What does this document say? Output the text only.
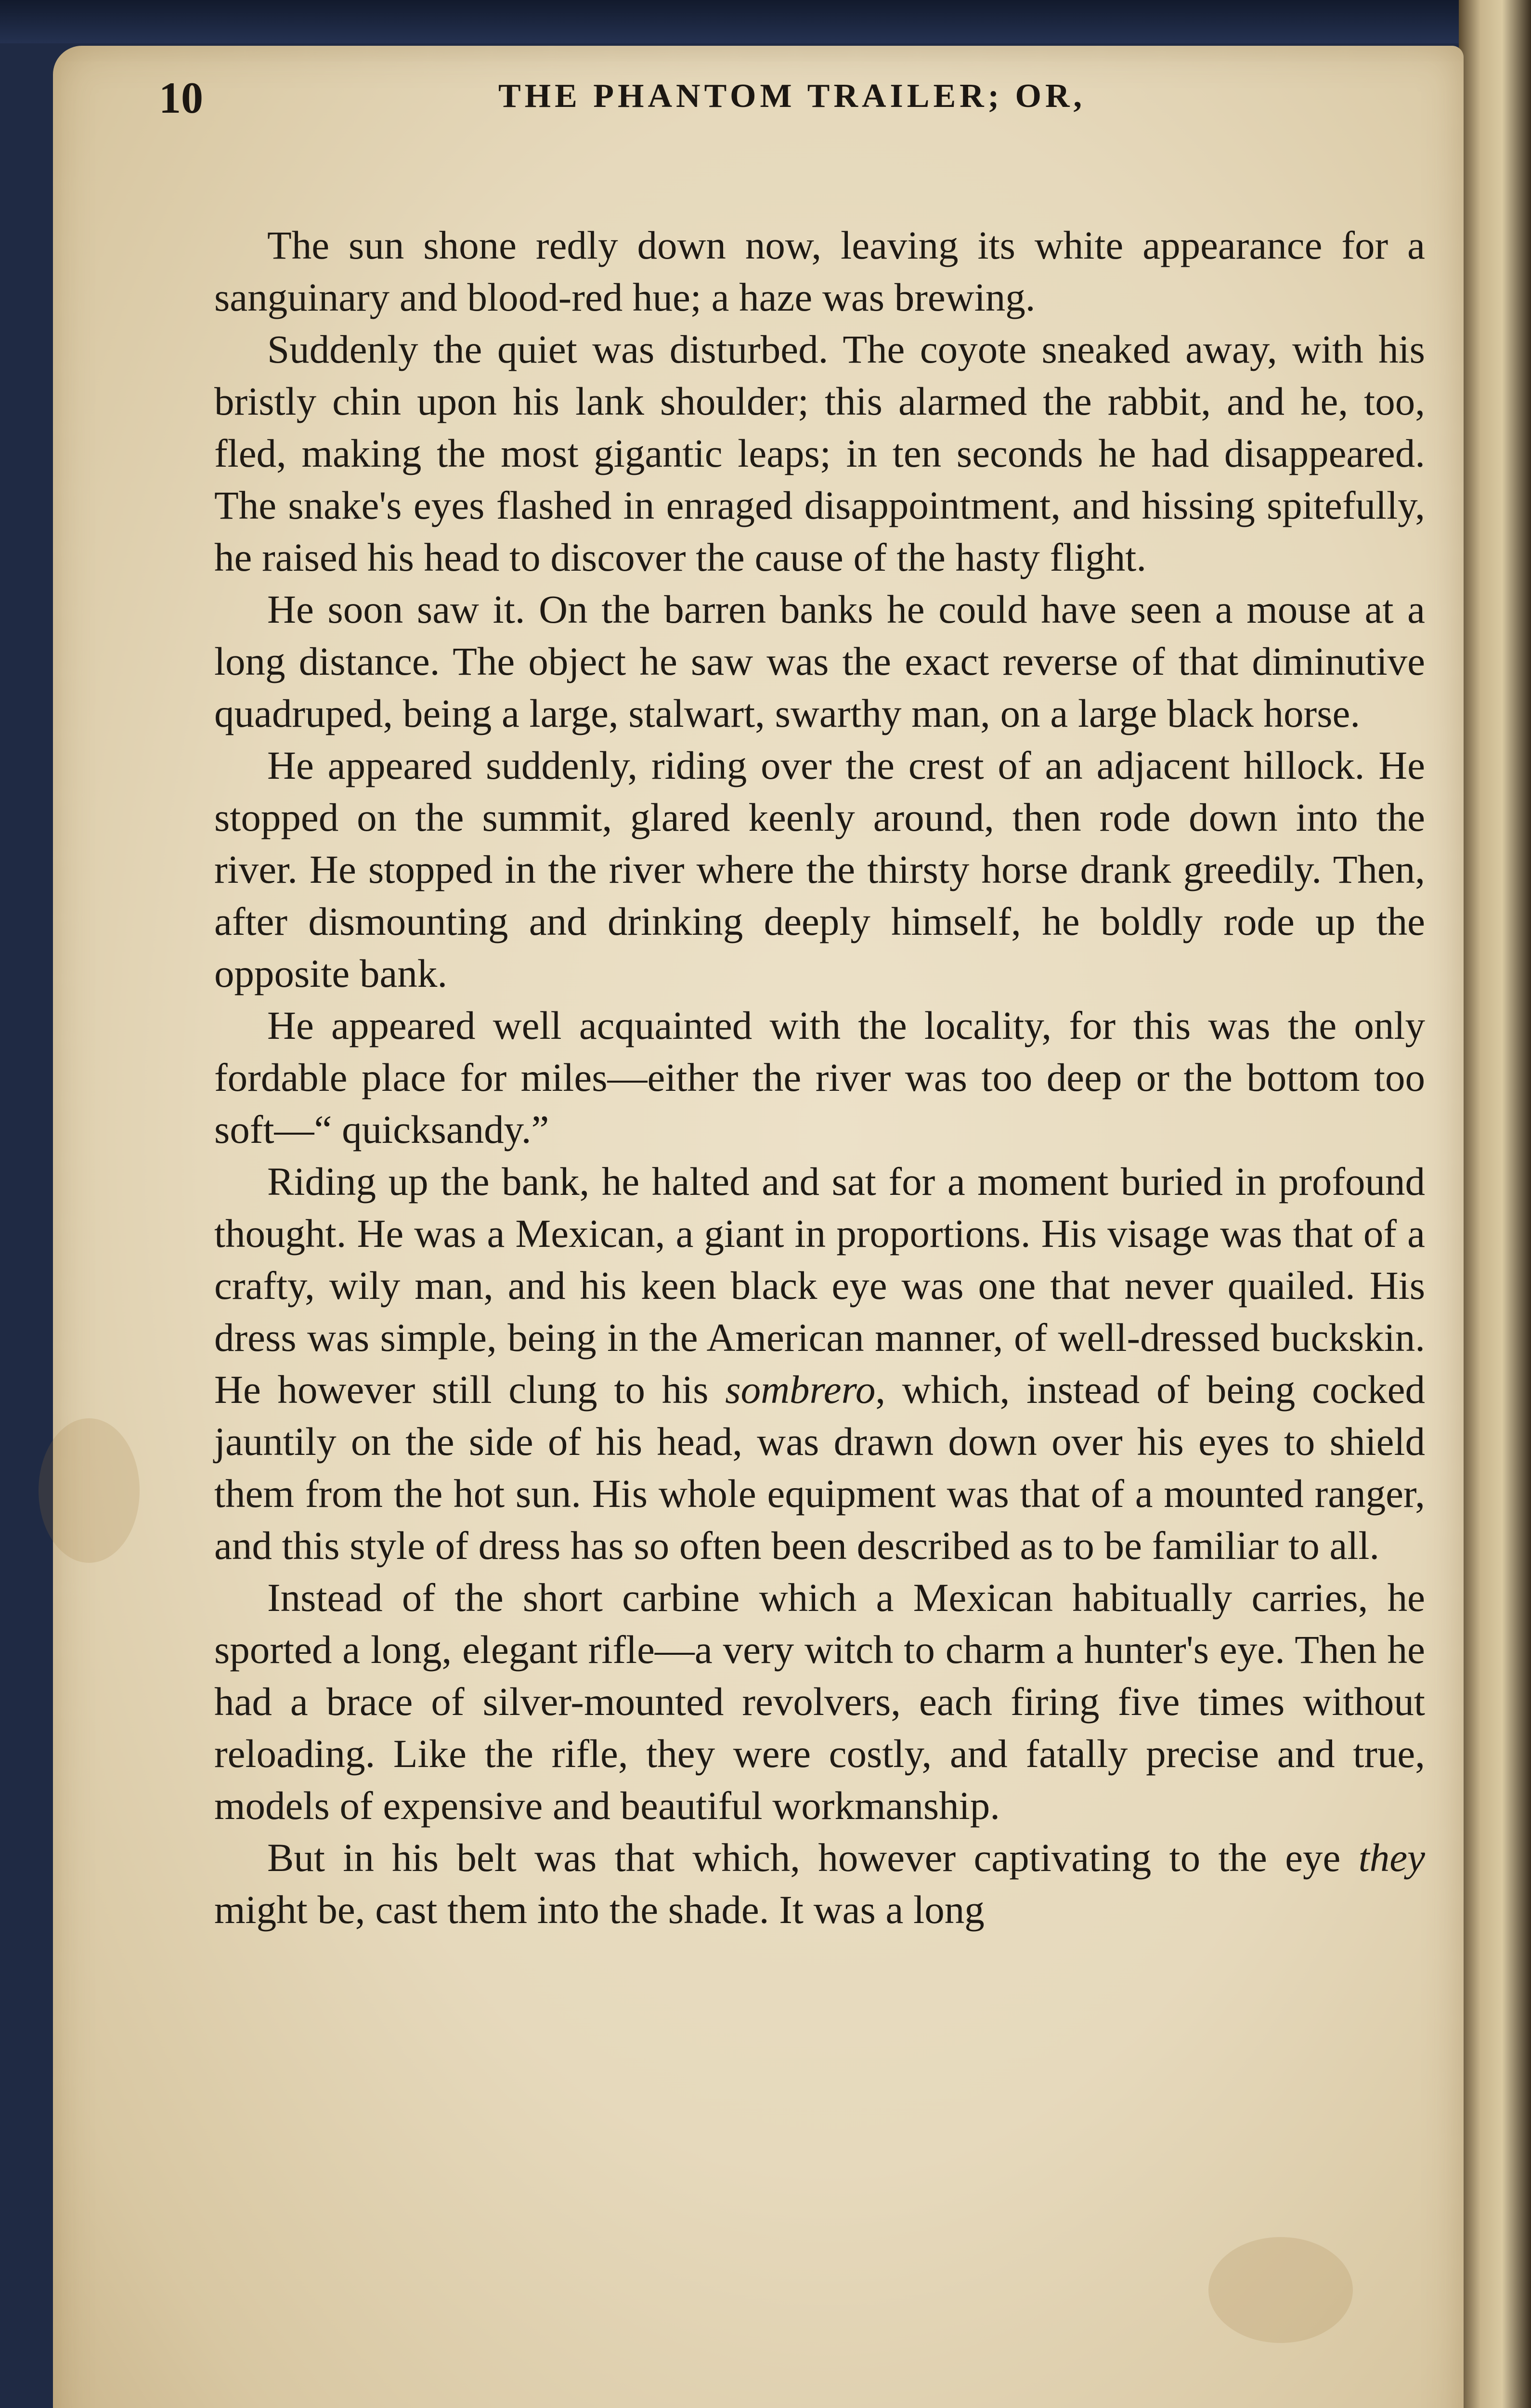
10	THE PHANTOM TRAILER; OR,

The sun shone redly down now, leaving its white appearance for a sanguinary and blood-red hue; a haze was brewing.

Suddenly the quiet was disturbed. The coyote sneaked away, with his bristly chin upon his lank shoulder; this alarmed the rabbit, and he, too, fled, making the most gigantic leaps; in ten seconds he had disappeared. The snake's eyes flashed in enraged disappointment, and hissing spitefully, he raised his head to discover the cause of the hasty flight.

He soon saw it. On the barren banks he could have seen a mouse at a long distance. The object he saw was the exact reverse of that diminutive quadruped, being a large, stalwart, swarthy man, on a large black horse.

He appeared suddenly, riding over the crest of an adjacent hillock. He stopped on the summit, glared keenly around, then rode down into the river. He stopped in the river where the thirsty horse drank greedily. Then, after dismounting and drinking deeply himself, he boldly rode up the opposite bank.

He appeared well acquainted with the locality, for this was the only fordable place for miles—either the river was too deep or the bottom too soft—“ quicksandy.”

Riding up the bank, he halted and sat for a moment buried in profound thought. He was a Mexican, a giant in proportions. His visage was that of a crafty, wily man, and his keen black eye was one that never quailed. His dress was simple, being in the American manner, of well-dressed buckskin. He however still clung to his sombrero, which, instead of being cocked jauntily on the side of his head, was drawn down over his eyes to shield them from the hot sun. His whole equipment was that of a mounted ranger, and this style of dress has so often been described as to be familiar to all.

Instead of the short carbine which a Mexican habitually carries, he sported a long, elegant rifle—a very witch to charm a hunter's eye. Then he had a brace of silver-mounted revolvers, each firing five times without reloading. Like the rifle, they were costly, and fatally precise and true, models of expensive and beautiful workmanship.

But in his belt was that which, however captivating to the eye they might be, cast them into the shade. It was a long
